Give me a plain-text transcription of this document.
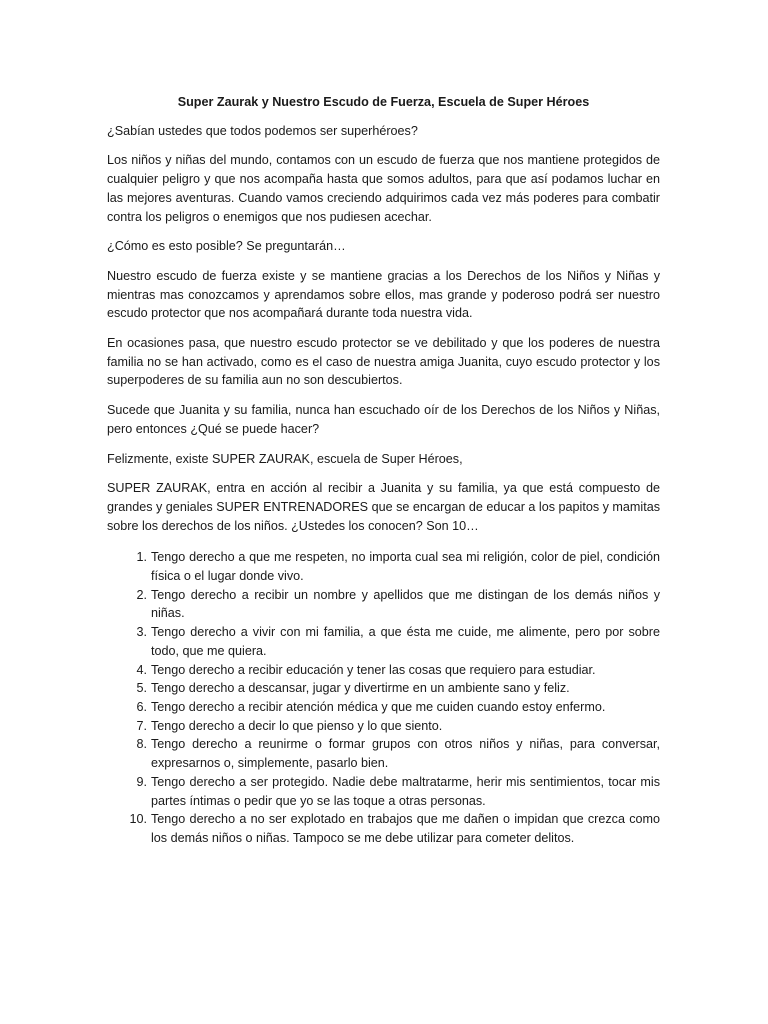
Super Zaurak y Nuestro Escudo de Fuerza, Escuela de Super Héroes

¿Sabían ustedes que todos podemos ser superhéroes?

Los niños y niñas del mundo, contamos con un escudo de fuerza que nos mantiene protegidos de cualquier peligro y que nos acompaña hasta que somos adultos, para que así podamos luchar en las mejores aventuras. Cuando vamos creciendo adquirimos cada vez más poderes para combatir contra los peligros o enemigos que nos pudiesen acechar.

¿Cómo es esto posible? Se preguntarán…

Nuestro escudo de fuerza existe y se mantiene gracias a los Derechos de los Niños y Niñas y mientras mas conozcamos y aprendamos sobre ellos, mas grande y poderoso podrá ser nuestro escudo protector que nos acompañará durante toda nuestra vida.

En ocasiones pasa, que nuestro escudo protector se ve debilitado y que los poderes de nuestra familia no se han activado, como es el caso de nuestra amiga Juanita, cuyo escudo protector y los superpoderes de su familia aun no son descubiertos.

Sucede que Juanita y su familia, nunca han escuchado oír de los Derechos de los Niños y Niñas, pero entonces ¿Qué se puede hacer?

Felizmente, existe SUPER ZAURAK, escuela de Super Héroes,

SUPER ZAURAK, entra en acción al recibir a Juanita y su familia, ya que está compuesto de grandes y geniales SUPER ENTRENADORES que se encargan de educar a los papitos y mamitas sobre los derechos de los niños. ¿Ustedes los conocen? Son 10…

1. Tengo derecho a que me respeten, no importa cual sea mi religión, color de piel, condición física o el lugar donde vivo.
2. Tengo derecho a recibir un nombre y apellidos que me distingan de los demás niños y niñas.
3. Tengo derecho a vivir con mi familia, a que ésta me cuide, me alimente, pero por sobre todo, que me quiera.
4. Tengo derecho a recibir educación y tener las cosas que requiero para estudiar.
5. Tengo derecho a descansar, jugar y divertirme en un ambiente sano y feliz.
6. Tengo derecho a recibir atención médica y que me cuiden cuando estoy enfermo.
7. Tengo derecho a decir lo que pienso y lo que siento.
8. Tengo derecho a reunirme o formar grupos con otros niños y niñas, para conversar, expresarnos o, simplemente, pasarlo bien.
9. Tengo derecho a ser protegido. Nadie debe maltratarme, herir mis sentimientos, tocar mis partes íntimas o pedir que yo se las toque a otras personas.
10. Tengo derecho a no ser explotado en trabajos que me dañen o impidan que crezca como los demás niños o niñas. Tampoco se me debe utilizar para cometer delitos.
